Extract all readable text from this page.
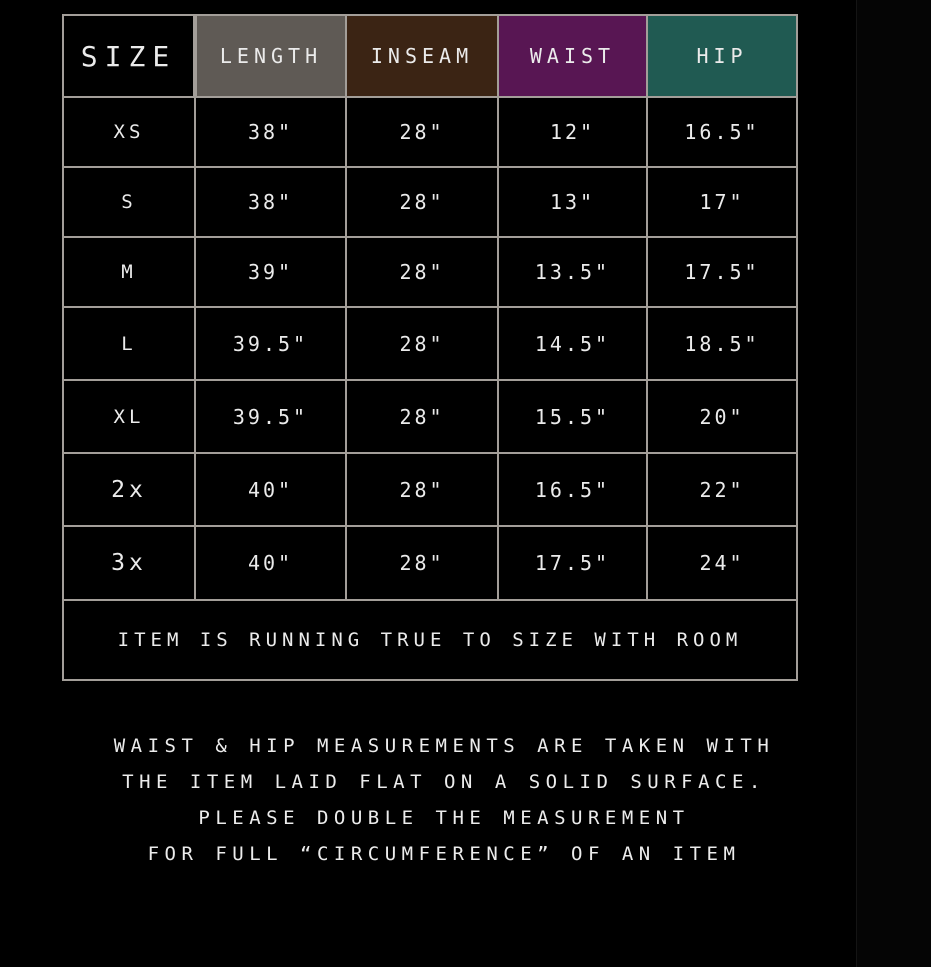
SIZE	LENGTH	INSEAM	WAIST	HIP
XS	38"	28"	12"	16.5"
S	38"	28"	13"	17"
M	39"	28"	13.5"	17.5"
L	39.5"	28"	14.5"	18.5"
XL	39.5"	28"	15.5"	20"
2x	40"	28"	16.5"	22"
3x	40"	28"	17.5"	24"
ITEM IS RUNNING TRUE TO SIZE WITH ROOM				
WAIST & HIP MEASUREMENTS ARE TAKEN WITH
THE ITEM LAID FLAT ON A SOLID SURFACE.
PLEASE DOUBLE THE MEASUREMENT
FOR FULL “CIRCUMFERENCE” OF AN ITEM
